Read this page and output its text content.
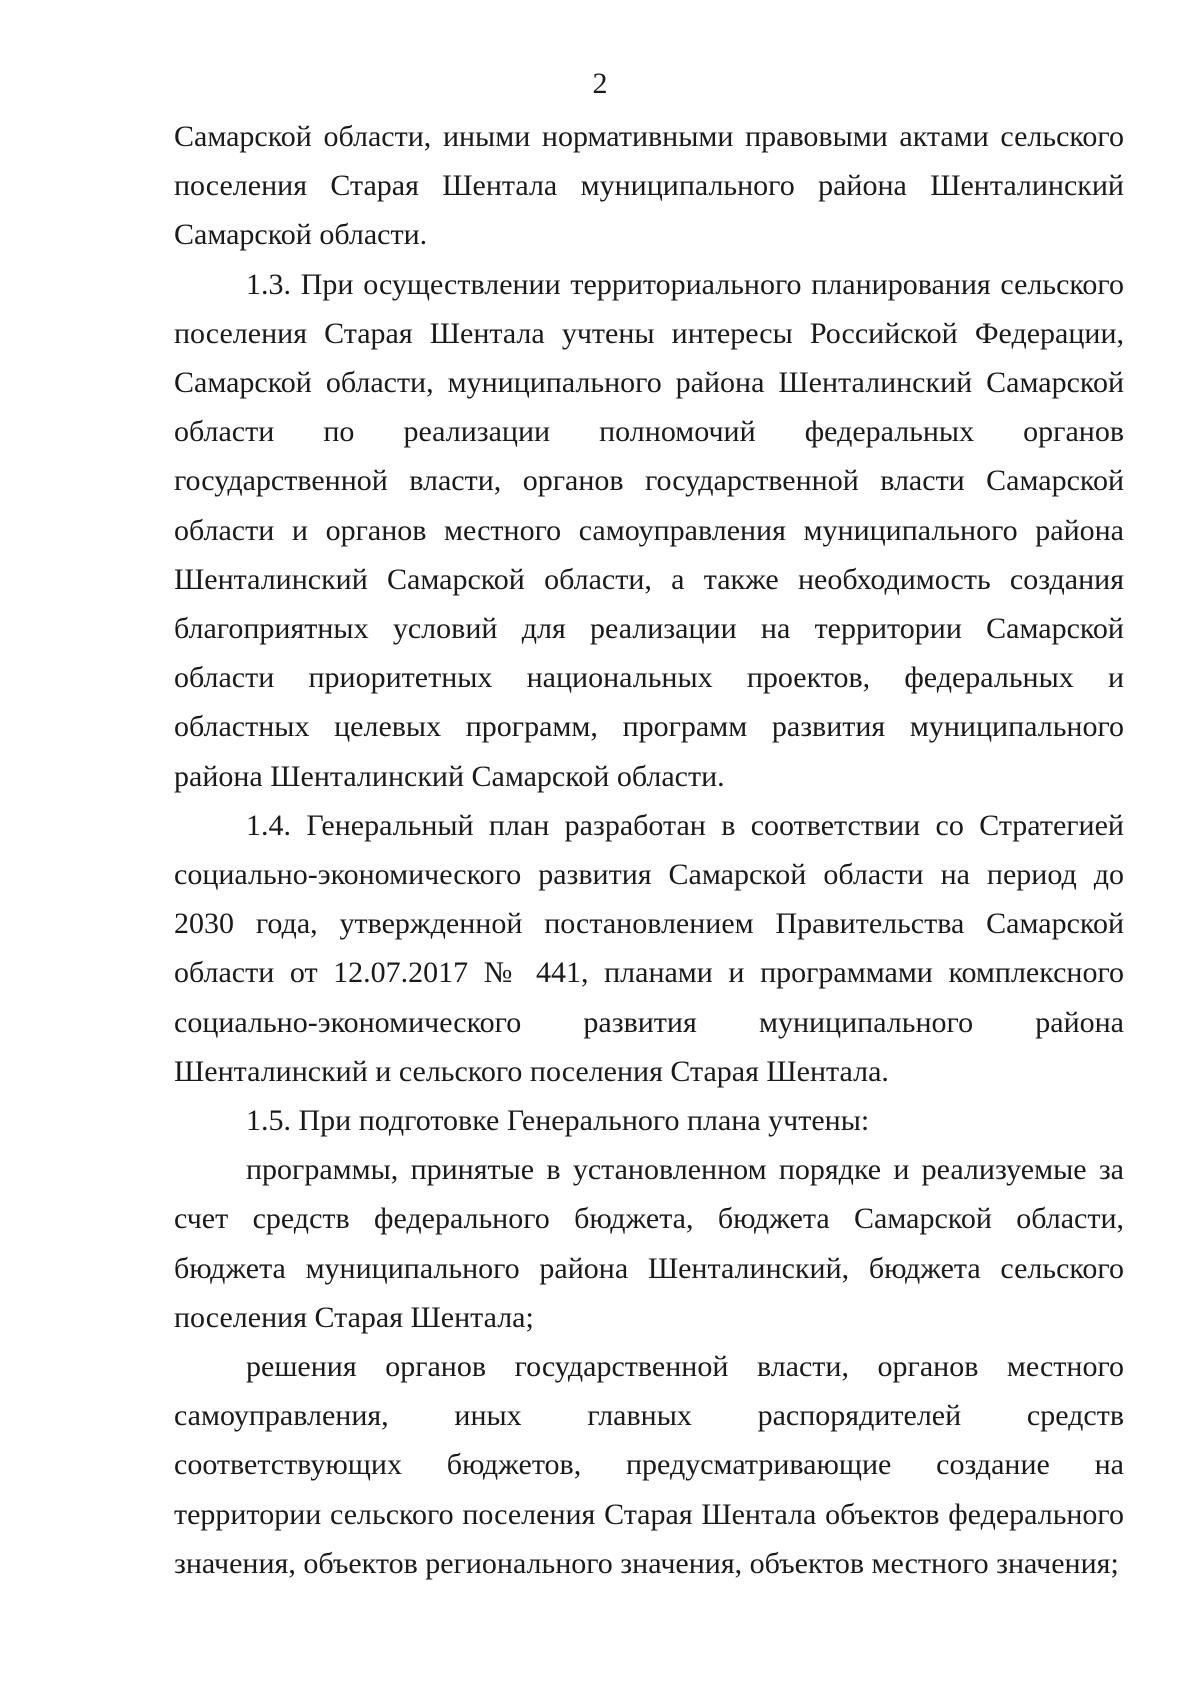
2

Самарской области, иными нормативными правовыми актами сельского поселения Старая Шентала муниципального района Шенталинский Самарской области.

1.3. При осуществлении территориального планирования сельского поселения Старая Шентала учтены интересы Российской Федерации, Самарской области, муниципального района Шенталинский Самарской области по реализации полномочий федеральных органов государственной власти, органов государственной власти Самарской области и органов местного самоуправления муниципального района Шенталинский Самарской области, а также необходимость создания благоприятных условий для реализации на территории Самарской области приоритетных национальных проектов, федеральных и областных целевых программ, программ развития муниципального района Шенталинский Самарской области.

1.4. Генеральный план разработан в соответствии со Стратегией социально-экономического развития Самарской области на период до 2030 года, утвержденной постановлением Правительства Самарской области от 12.07.2017 № 441, планами и программами комплексного социально-экономического развития муниципального района Шенталинский и сельского поселения Старая Шентала.

1.5. При подготовке Генерального плана учтены:

программы, принятые в установленном порядке и реализуемые за счет средств федерального бюджета, бюджета Самарской области, бюджета муниципального района Шенталинский, бюджета сельского поселения Старая Шентала;

решения органов государственной власти, органов местного самоуправления, иных главных распорядителей средств соответствующих бюджетов, предусматривающие создание на территории сельского поселения Старая Шентала объектов федерального значения, объектов регионального значения, объектов местного значения;
